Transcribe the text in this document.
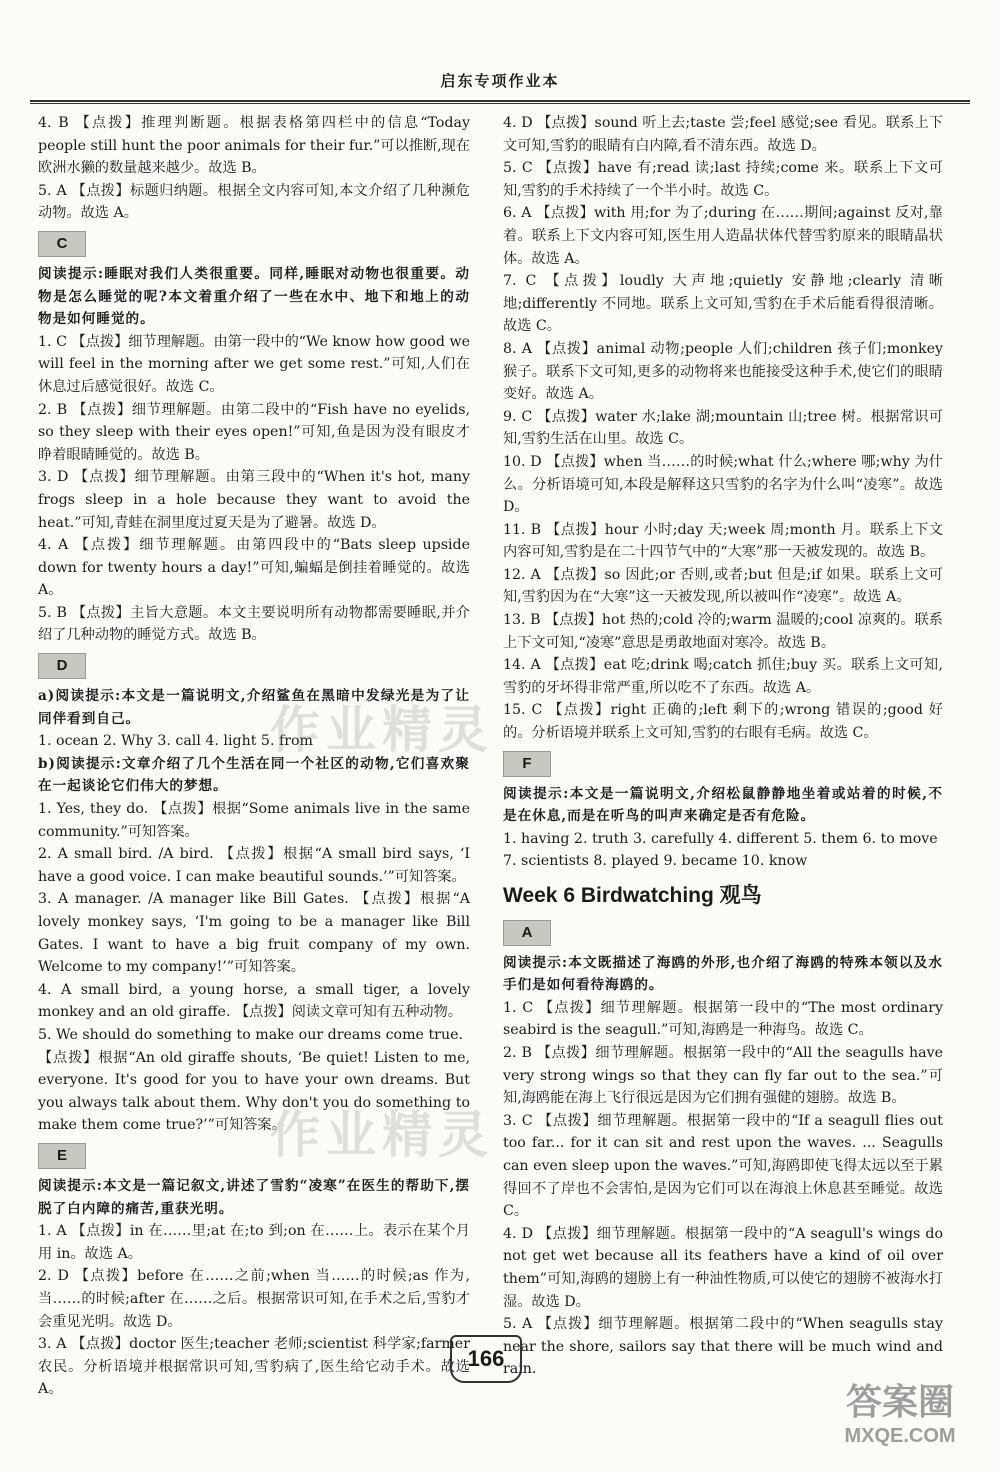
启东专项作业本

4. B 【点拨】推理判断题。根据表格第四栏中的信息“Today people still hunt the poor animals for their fur.”可以推断,现在欧洲水獭的数量越来越少。故选 B。

5. A 【点拨】标题归纳题。根据全文内容可知,本文介绍了几种濒危动物。故选 A。

C

阅读提示:睡眠对我们人类很重要。同样,睡眠对动物也很重要。动物是怎么睡觉的呢?本文着重介绍了一些在水中、地下和地上的动物是如何睡觉的。

1. C 【点拨】细节理解题。由第一段中的“We know how good we will feel in the morning after we get some rest.”可知,人们在休息过后感觉很好。故选 C。

2. B 【点拨】细节理解题。由第二段中的“Fish have no eyelids, so they sleep with their eyes open!”可知,鱼是因为没有眼皮才睁着眼睛睡觉的。故选 B。

3. D 【点拨】细节理解题。由第三段中的“When it's hot, many frogs sleep in a hole because they want to avoid the heat.”可知,青蛙在洞里度过夏天是为了避暑。故选 D。

4. A 【点拨】细节理解题。由第四段中的“Bats sleep upside down for twenty hours a day!”可知,蝙蝠是倒挂着睡觉的。故选 A。

5. B 【点拨】主旨大意题。本文主要说明所有动物都需要睡眠,并介绍了几种动物的睡觉方式。故选 B。

D

a)阅读提示:本文是一篇说明文,介绍鲨鱼在黑暗中发绿光是为了让同伴看到自己。

1. ocean 2. Why 3. call 4. light 5. from

b)阅读提示:文章介绍了几个生活在同一个社区的动物,它们喜欢聚在一起谈论它们伟大的梦想。

1. Yes, they do. 【点拨】根据“Some animals live in the same community.”可知答案。

2. A small bird. /A bird. 【点拨】根据“A small bird says, ‘I have a good voice. I can make beautiful sounds.’”可知答案。

3. A manager. /A manager like Bill Gates. 【点拨】根据“A lovely monkey says, ‘I'm going to be a manager like Bill Gates. I want to have a big fruit company of my own. Welcome to my company!’”可知答案。

4. A small bird, a young horse, a small tiger, a lovely monkey and an old giraffe. 【点拨】阅读文章可知有五种动物。

5. We should do something to make our dreams come true.

【点拨】根据“An old giraffe shouts, ‘Be quiet! Listen to me, everyone. It's good for you to have your own dreams. But you always talk about them. Why don't you do something to make them come true?’”可知答案。

E

阅读提示:本文是一篇记叙文,讲述了雪豹“凌寒”在医生的帮助下,摆脱了白内障的痛苦,重获光明。

1. A 【点拨】in 在……里;at 在;to 到;on 在……上。表示在某个月用 in。故选 A。

2. D 【点拨】before 在……之前;when 当……的时候;as 作为,当……的时候;after 在……之后。根据常识可知,在手术之后,雪豹才会重见光明。故选 D。

3. A 【点拨】doctor 医生;teacher 老师;scientist 科学家;farmer 农民。分析语境并根据常识可知,雪豹病了,医生给它动手术。故选 A。

4. D 【点拨】sound 听上去;taste 尝;feel 感觉;see 看见。联系上下文可知,雪豹的眼睛有白内障,看不清东西。故选 D。

5. C 【点拨】have 有;read 读;last 持续;come 来。联系上下文可知,雪豹的手术持续了一个半小时。故选 C。

6. A 【点拨】with 用;for 为了;during 在……期间;against 反对,靠着。联系上下文内容可知,医生用人造晶状体代替雪豹原来的眼睛晶状体。故选 A。

7. C 【点拨】loudly 大声地;quietly 安静地;clearly 清晰地;differently 不同地。联系上文可知,雪豹在手术后能看得很清晰。故选 C。

8. A 【点拨】animal 动物;people 人们;children 孩子们;monkey 猴子。联系下文可知,更多的动物将来也能接受这种手术,使它们的眼睛变好。故选 A。

9. C 【点拨】water 水;lake 湖;mountain 山;tree 树。根据常识可知,雪豹生活在山里。故选 C。

10. D 【点拨】when 当……的时候;what 什么;where 哪;why 为什么。分析语境可知,本段是解释这只雪豹的名字为什么叫“凌寒”。故选 D。

11. B 【点拨】hour 小时;day 天;week 周;month 月。联系上下文内容可知,雪豹是在二十四节气中的“大寒”那一天被发现的。故选 B。

12. A 【点拨】so 因此;or 否则,或者;but 但是;if 如果。联系上文可知,雪豹因为在“大寒”这一天被发现,所以被叫作“凌寒”。故选 A。

13. B 【点拨】hot 热的;cold 冷的;warm 温暖的;cool 凉爽的。联系上下文可知,“凌寒”意思是勇敢地面对寒冷。故选 B。

14. A 【点拨】eat 吃;drink 喝;catch 抓住;buy 买。联系上文可知,雪豹的牙坏得非常严重,所以吃不了东西。故选 A。

15. C 【点拨】right 正确的;left 剩下的;wrong 错误的;good 好的。分析语境并联系上文可知,雪豹的右眼有毛病。故选 C。

F

阅读提示:本文是一篇说明文,介绍松鼠静静地坐着或站着的时候,不是在休息,而是在听鸟的叫声来确定是否有危险。

1. having 2. truth 3. carefully 4. different 5. them 6. to move

7. scientists 8. played 9. became 10. know

Week 6 Birdwatching 观鸟
A

阅读提示:本文既描述了海鸥的外形,也介绍了海鸥的特殊本领以及水手们是如何看待海鸥的。

1. C 【点拨】细节理解题。根据第一段中的“The most ordinary seabird is the seagull.”可知,海鸥是一种海鸟。故选 C。

2. B 【点拨】细节理解题。根据第一段中的“All the seagulls have very strong wings so that they can fly far out to the sea.”可知,海鸥能在海上飞行很远是因为它们拥有强健的翅膀。故选 B。

3. C 【点拨】细节理解题。根据第一段中的“If a seagull flies out too far... for it can sit and rest upon the waves. ... Seagulls can even sleep upon the waves.”可知,海鸥即使飞得太远以至于累得回不了岸也不会害怕,是因为它们可以在海浪上休息甚至睡觉。故选 C。

4. D 【点拨】细节理解题。根据第一段中的“A seagull's wings do not get wet because all its feathers have a kind of oil over them”可知,海鸥的翅膀上有一种油性物质,可以使它的翅膀不被海水打湿。故选 D。

5. A 【点拨】细节理解题。根据第二段中的“When seagulls stay near the shore, sailors say that there will be much wind and rain.

作业精灵
作业精灵
166
答案圈
MXQE.COM
